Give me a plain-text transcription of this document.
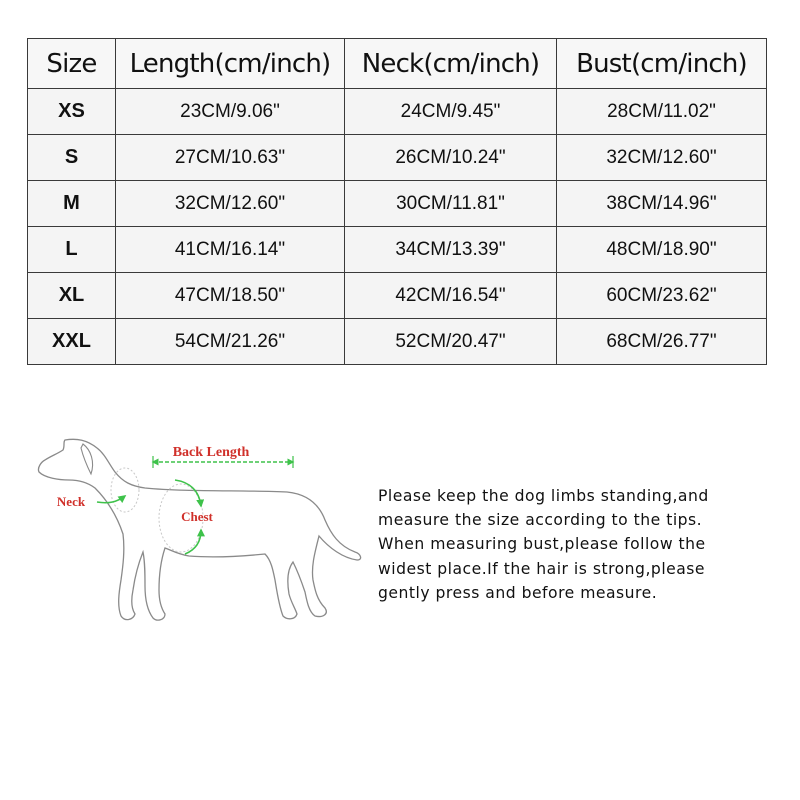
Size	Length(cm/inch)	Neck(cm/inch)	Bust(cm/inch)
XS	23CM/9.06"	24CM/9.45"	28CM/11.02"
S	27CM/10.63"	26CM/10.24"	32CM/12.60"
M	32CM/12.60"	30CM/11.81"	38CM/14.96"
L	41CM/16.14"	34CM/13.39"	48CM/18.90"
XL	47CM/18.50"	42CM/16.54"	60CM/23.62"
XXL	54CM/21.26"	52CM/20.47"	68CM/26.77"
Back Length
Neck
Chest

Please keep the dog limbs standing,and
measure the size according to the tips.
When measuring bust,please follow the
widest place.If the hair is strong,please
gently press and before measure.
